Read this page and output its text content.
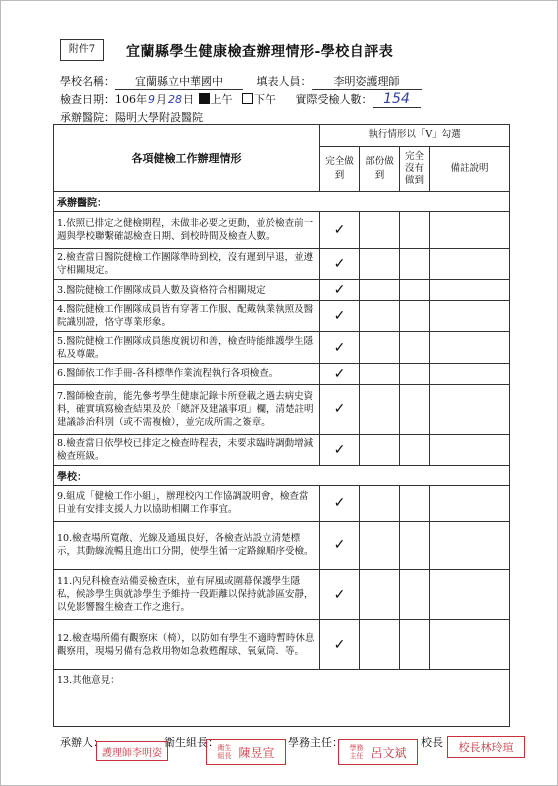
附件7	宜蘭縣學生健康檢查辦理情形-學校自評表
學校名稱： 宜蘭縣立中華國中	填表人員： 李明姿護理師
檢查日期：106年9月28日 上午 下午 實際受檢人數： 154
承辦醫院：陽明大學附設醫院
各項健檢工作辦理情形	執行情形以「V」勾選			
	完全做到	部份做到	完全沒有做到	備註說明
承辦醫院：				
1.依照已排定之健檢期程，未做非必要之更動，並於檢查前一週與學校聯繫確認檢查日期、到校時間及檢查人數。	✓			
2.檢查當日醫院健檢工作團隊準時到校，沒有遲到早退，並遵守相關規定。	✓			
3.醫院健檢工作團隊成員人數及資格符合相關規定	✓			
4.醫院健檢工作團隊成員皆有穿著工作服、配戴執業執照及醫院識別證，恪守專業形象。	✓			
5.醫院健檢工作團隊成員態度親切和善，檢查時能維護學生隱私及尊嚴。	✓			
6.醫師依工作手冊-各科標準作業流程執行各項檢查。	✓			
7.醫師檢查前，能先參考學生健康記錄卡所登載之過去病史資料，確實填寫檢查結果及於「總評及建議事項」欄，清楚註明建議診治科別（或不需複檢），並完成所需之簽章。	✓			
8.檢查當日依學校已排定之檢查時程表，未要求臨時調動增減檢查班級。	✓			
學校：				
9.組成「健檢工作小組」，辦理校內工作協調說明會，檢查當日並有安排支援人力以協助相關工作事宜。	✓			
10.檢查場所寬敞、光線及通風良好，各檢查站設立清楚標示，其動線流暢且進出口分開，使學生循一定路線順序受檢。	✓			
11.內兒科檢查站備妥檢查床，並有屏風或圍幕保護學生隱私，候診學生與就診學生予維持一段距離以保持就診區安靜，以免影響醫生檢查工作之進行。	✓			
12.檢查場所備有觀察床（椅），以防如有學生不適時暫時休息觀察用，現場另備有急救用物如急救甦醒球、氧氣筒．等。	✓			
13.其他意見：				
承辦人：	衛生組長：	學務主任：	校長
護理師李明姿	衛生組長 陳昱宣	學務主任 呂文斌	校長林玲瑄
